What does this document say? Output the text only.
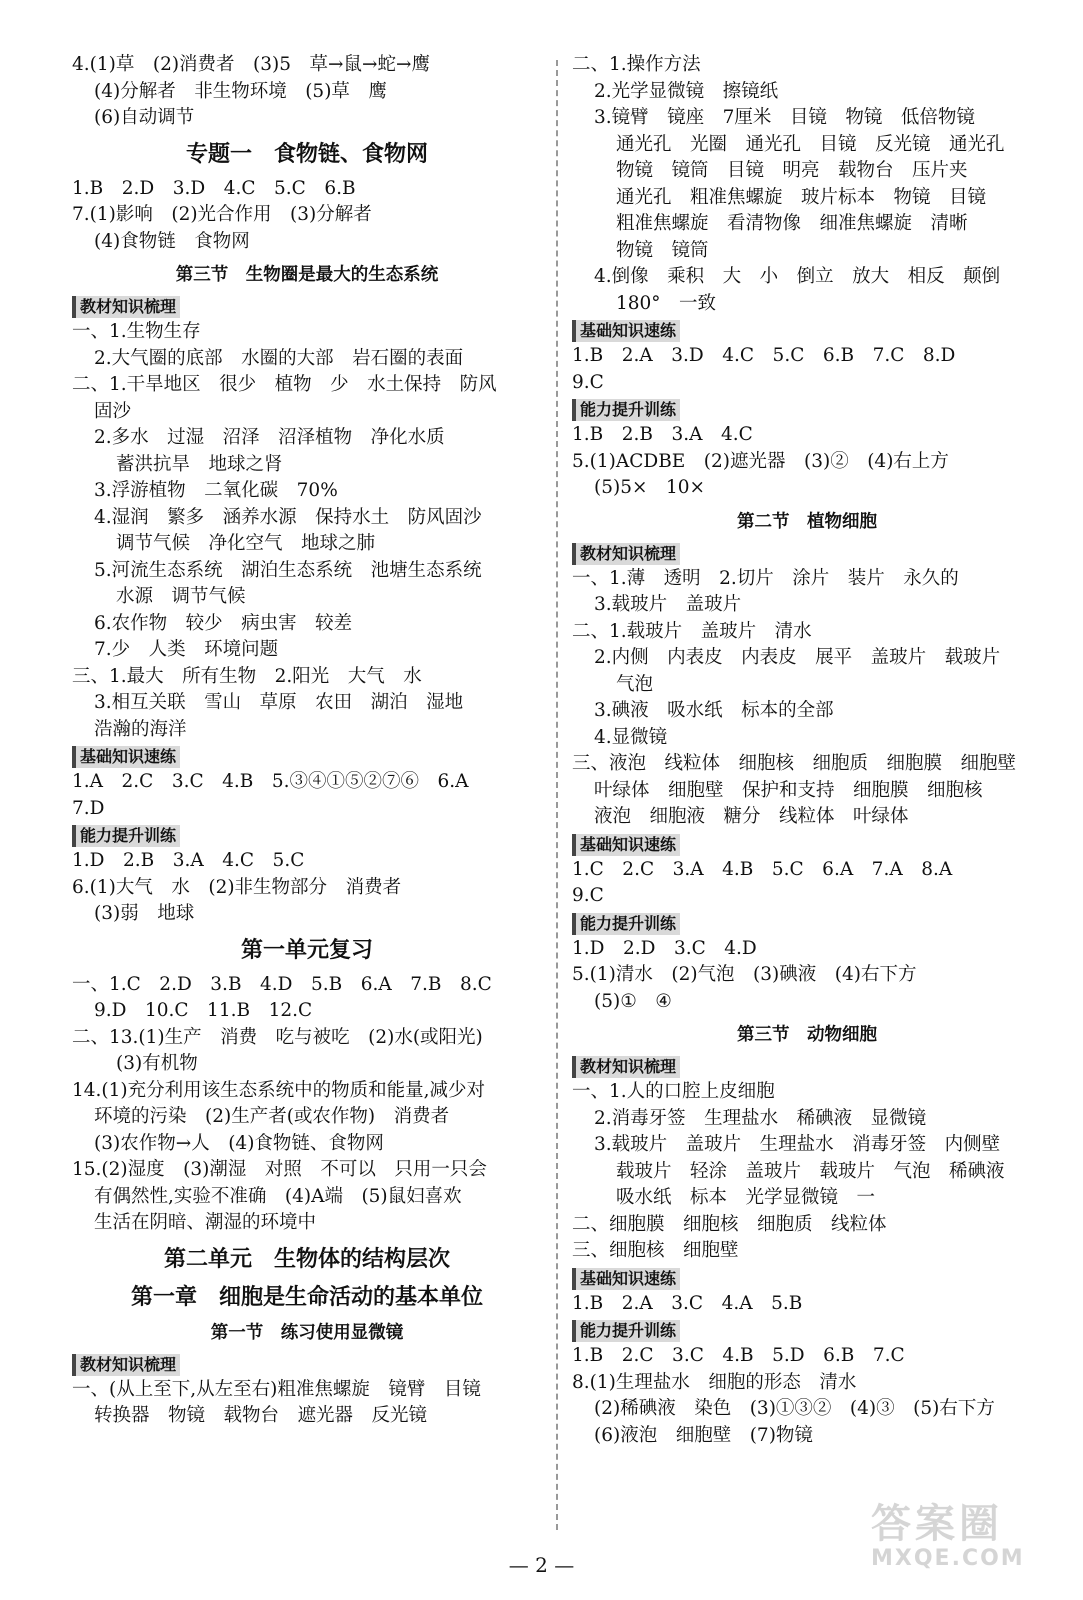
4.(1)草　(2)消费者　(3)5　草→鼠→蛇→鹰
(4)分解者　非生物环境　(5)草　鹰
(6)自动调节
专题一　食物链、食物网
1.B　2.D　3.D　4.C　5.C　6.B
7.(1)影响　(2)光合作用　(3)分解者
(4)食物链　食物网
第三节　生物圈是最大的生态系统
教材知识梳理
一、1.生物生存
2.大气圈的底部　水圈的大部　岩石圈的表面
二、1.干旱地区　很少　植物　少　水土保持　防风
固沙
2.多水　过湿　沼泽　沼泽植物　净化水质
蓄洪抗旱　地球之肾
3.浮游植物　二氧化碳　70%
4.湿润　繁多　涵养水源　保持水土　防风固沙
调节气候　净化空气　地球之肺
5.河流生态系统　湖泊生态系统　池塘生态系统
水源　调节气候
6.农作物　较少　病虫害　较差
7.少　人类　环境问题
三、1.最大　所有生物　2.阳光　大气　水
3.相互关联　雪山　草原　农田　湖泊　湿地
浩瀚的海洋
基础知识速练
1.A　2.C　3.C　4.B　5.③④①⑤②⑦⑥　6.A
7.D
能力提升训练
1.D　2.B　3.A　4.C　5.C
6.(1)大气　水　(2)非生物部分　消费者
(3)弱　地球
第一单元复习
一、1.C　2.D　3.B　4.D　5.B　6.A　7.B　8.C
9.D　10.C　11.B　12.C
二、13.(1)生产　消费　吃与被吃　(2)水(或阳光)
(3)有机物
14.(1)充分利用该生态系统中的物质和能量,减少对
环境的污染　(2)生产者(或农作物)　消费者
(3)农作物→人　(4)食物链、食物网
15.(2)湿度　(3)潮湿　对照　不可以　只用一只会
有偶然性,实验不准确　(4)A端　(5)鼠妇喜欢
生活在阴暗、潮湿的环境中
第二单元　生物体的结构层次
第一章　细胞是生命活动的基本单位
第一节　练习使用显微镜
教材知识梳理
一、(从上至下,从左至右)粗准焦螺旋　镜臂　目镜
转换器　物镜　载物台　遮光器　反光镜
二、1.操作方法
2.光学显微镜　擦镜纸
3.镜臂　镜座　7厘米　目镜　物镜　低倍物镜
通光孔　光圈　通光孔　目镜　反光镜　通光孔
物镜　镜筒　目镜　明亮　载物台　压片夹
通光孔　粗准焦螺旋　玻片标本　物镜　目镜
粗准焦螺旋　看清物像　细准焦螺旋　清晰
物镜　镜筒
4.倒像　乘积　大　小　倒立　放大　相反　颠倒
180°　一致
基础知识速练
1.B　2.A　3.D　4.C　5.C　6.B　7.C　8.D
9.C
能力提升训练
1.B　2.B　3.A　4.C
5.(1)ACDBE　(2)遮光器　(3)②　(4)右上方
(5)5×　10×
第二节　植物细胞
教材知识梳理
一、1.薄　透明　2.切片　涂片　装片　永久的
3.载玻片　盖玻片
二、1.载玻片　盖玻片　清水
2.内侧　内表皮　内表皮　展平　盖玻片　载玻片
气泡
3.碘液　吸水纸　标本的全部
4.显微镜
三、液泡　线粒体　细胞核　细胞质　细胞膜　细胞壁
叶绿体　细胞壁　保护和支持　细胞膜　细胞核
液泡　细胞液　糖分　线粒体　叶绿体
基础知识速练
1.C　2.C　3.A　4.B　5.C　6.A　7.A　8.A
9.C
能力提升训练
1.D　2.D　3.C　4.D
5.(1)清水　(2)气泡　(3)碘液　(4)右下方
(5)①　④
第三节　动物细胞
教材知识梳理
一、1.人的口腔上皮细胞
2.消毒牙签　生理盐水　稀碘液　显微镜
3.载玻片　盖玻片　生理盐水　消毒牙签　内侧壁
载玻片　轻涂　盖玻片　载玻片　气泡　稀碘液
吸水纸　标本　光学显微镜　一
二、细胞膜　细胞核　细胞质　线粒体
三、细胞核　细胞壁
基础知识速练
1.B　2.A　3.C　4.A　5.B
能力提升训练
1.B　2.C　3.C　4.B　5.D　6.B　7.C
8.(1)生理盐水　细胞的形态　清水
(2)稀碘液　染色　(3)①③②　(4)③　(5)右下方
(6)液泡　细胞壁　(7)物镜
— 2 —
答案圈
MXQE.COM
